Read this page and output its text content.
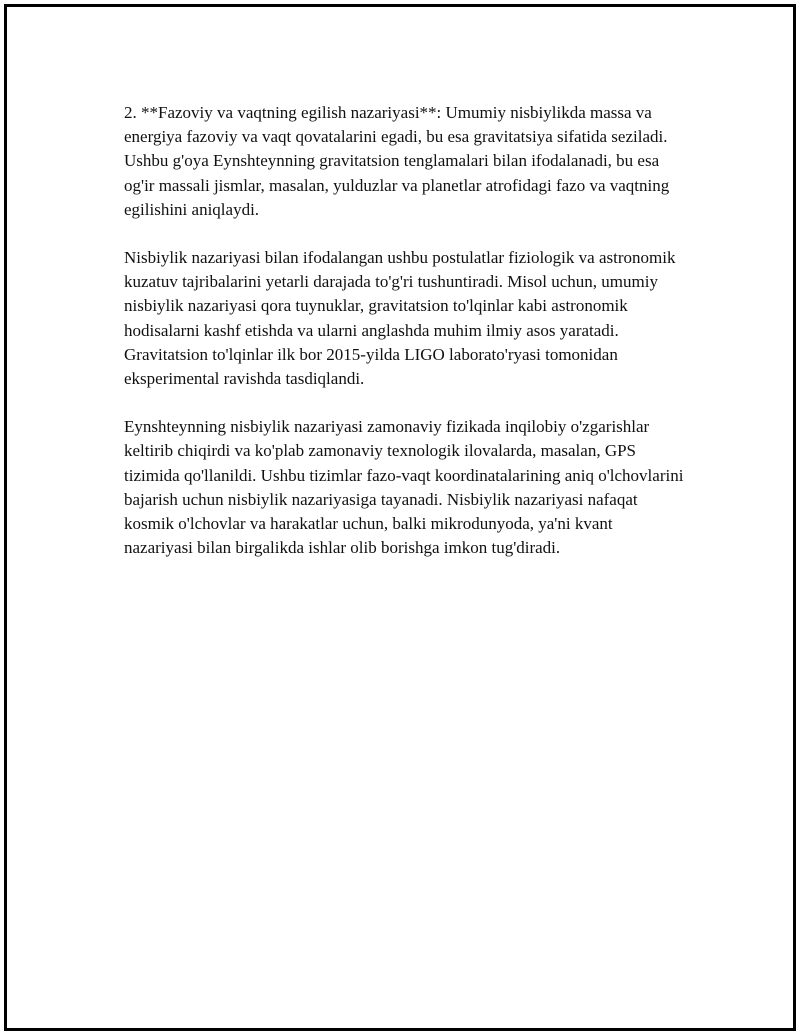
2. **Fazoviy va vaqtning egilish nazariyasi**: Umumiy nisbiylikda massa va energiya fazoviy va vaqt qovatalarini egadi, bu esa gravitatsiya sifatida seziladi. Ushbu g'oya Eynshteynning gravitatsion tenglamalari bilan ifodalanadi, bu esa og'ir massali jismlar, masalan, yulduzlar va planetlar atrofidagi fazo va vaqtning egilishini aniqlaydi.

Nisbiylik nazariyasi bilan ifodalangan ushbu postulatlar fiziologik va astronomik kuzatuv tajribalarini yetarli darajada to'g'ri tushuntiradi. Misol uchun, umumiy nisbiylik nazariyasi qora tuynuklar, gravitatsion to'lqinlar kabi astronomik hodisalarni kashf etishda va ularni anglashda muhim ilmiy asos yaratadi. Gravitatsion to'lqinlar ilk bor 2015-yilda LIGO laborato'ryasi tomonidan eksperimental ravishda tasdiqlandi.

Eynshteynning nisbiylik nazariyasi zamonaviy fizikada inqilobiy o'zgarishlar keltirib chiqirdi va ko'plab zamonaviy texnologik ilovalarda, masalan, GPS tizimida qo'llanildi. Ushbu tizimlar fazo-vaqt koordinatalarining aniq o'lchovlarini bajarish uchun nisbiylik nazariyasiga tayanadi. Nisbiylik nazariyasi nafaqat kosmik o'lchovlar va harakatlar uchun, balki mikrodunyoda, ya'ni kvant nazariyasi bilan birgalikda ishlar olib borishga imkon tug'diradi.
